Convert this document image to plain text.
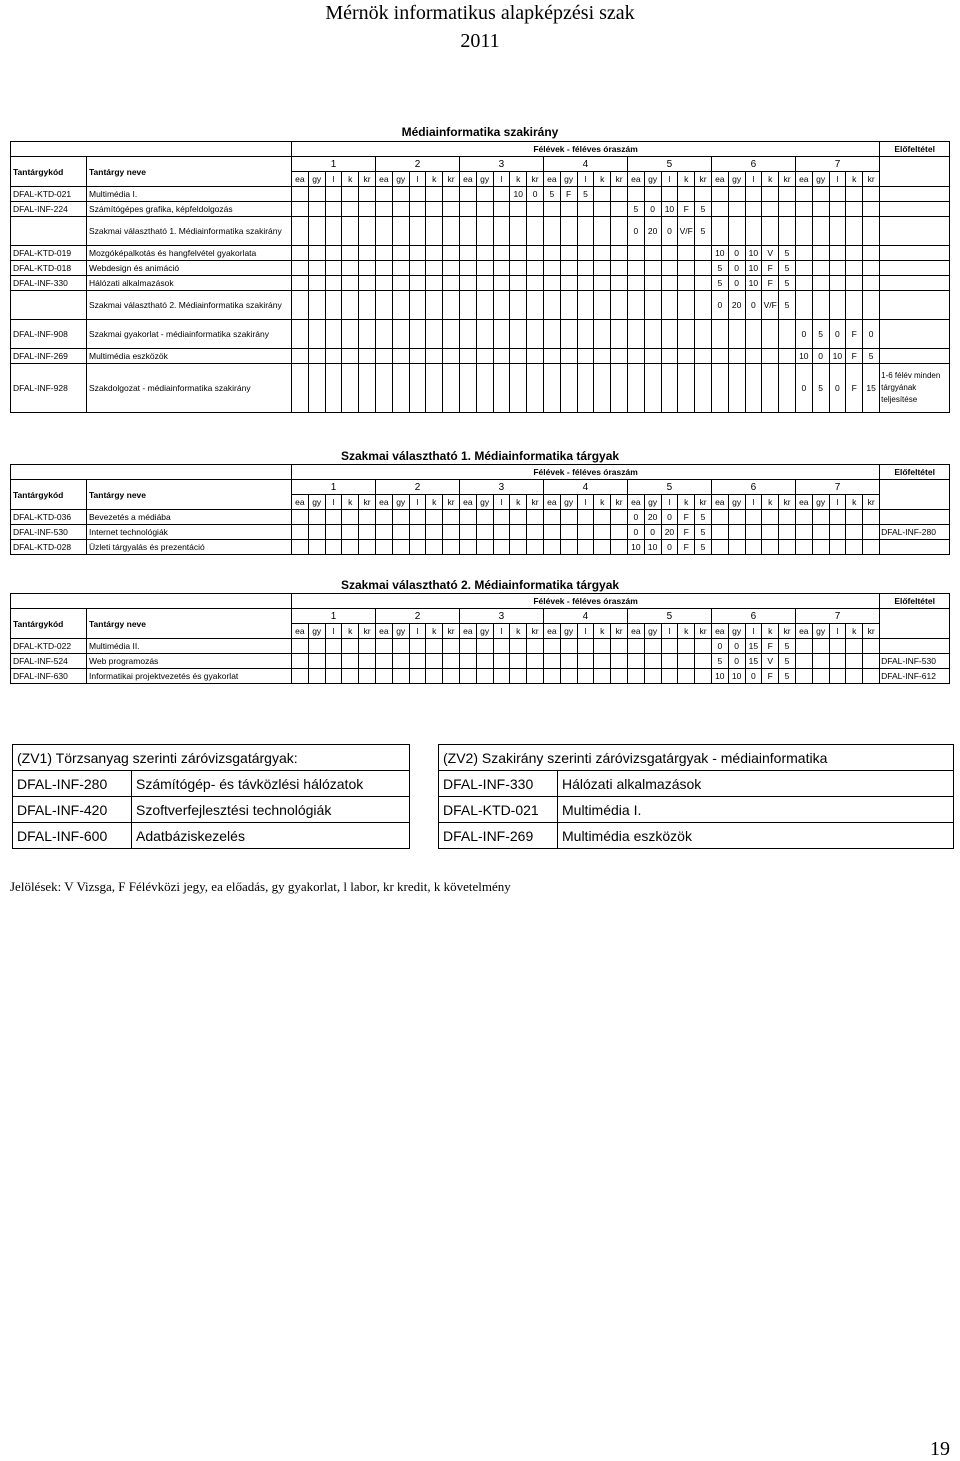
Mérnök informatikus alapképzési szak
2011
Médiainformatika szakirány
Szakmai választható 1. Médiainformatika tárgyak
Szakmai választható 2. Médiainformatika tárgyak
(ZV1) Törzsanyag szerinti záróvizsgatárgyak:	
DFAL-INF-280	Számítógép- és távközlési hálózatok
DFAL-INF-420	Szoftverfejlesztési technológiák
DFAL-INF-600	Adatbáziskezelés
(ZV2) Szakirány szerinti záróvizsgatárgyak - médiainformatika	
DFAL-INF-330	Hálózati alkalmazások
DFAL-KTD-021	Multimédia I.
DFAL-INF-269	Multimédia eszközök
Jelölések: V Vizsga, F Félévközi jegy, ea előadás, gy gyakorlat, l labor, kr kredit, k követelmény
19
		Félévek - féléves óraszám																																			Előfeltétel
Tantárgykód	Tantárgy neve	1					2					3					4					5					6					7					
		ea	gy	l	k	kr	ea	gy	l	k	kr	ea	gy	l	k	kr	ea	gy	l	k	kr	ea	gy	l	k	kr	ea	gy	l	k	kr	ea	gy	l	k	kr	
DFAL-KTD-021	Multimédia I.														10	0	5	F	5																		
DFAL-INF-224	Számítógépes grafika, képfeldolgozás																					5	0	10	F	5											
	Szakmai választható 1. Médiainformatika szakirány																					0	20	0	V/F	5											
DFAL-KTD-019	Mozgóképalkotás és hangfelvétel gyakorlata																										10	0	10	V	5						
DFAL-KTD-018	Webdesign és animáció																										5	0	10	F	5						
DFAL-INF-330	Hálózati alkalmazások																										5	0	10	F	5						
	Szakmai választható 2. Médiainformatika szakirány																										0	20	0	V/F	5						
DFAL-INF-908	Szakmai gyakorlat - médiainformatika szakirány																															0	5	0	F	0	
DFAL-INF-269	Multimédia eszközök																															10	0	10	F	5	
DFAL-INF-928	Szakdolgozat - médiainformatika szakirány																															0	5	0	F	15	1-6 félév minden tárgyának teljesítése
		Félévek - féléves óraszám																																			Előfeltétel
Tantárgykód	Tantárgy neve	1					2					3					4					5					6					7					
		ea	gy	l	k	kr	ea	gy	l	k	kr	ea	gy	l	k	kr	ea	gy	l	k	kr	ea	gy	l	k	kr	ea	gy	l	k	kr	ea	gy	l	k	kr	
DFAL-KTD-036	Bevezetés a médiába																					0	20	0	F	5											
DFAL-INF-530	Internet technológiák																					0	0	20	F	5											DFAL-INF-280
DFAL-KTD-028	Üzleti tárgyalás és prezentáció																					10	10	0	F	5											
		Félévek - féléves óraszám																																			Előfeltétel
Tantárgykód	Tantárgy neve	1					2					3					4					5					6					7					
		ea	gy	l	k	kr	ea	gy	l	k	kr	ea	gy	l	k	kr	ea	gy	l	k	kr	ea	gy	l	k	kr	ea	gy	l	k	kr	ea	gy	l	k	kr	
DFAL-KTD-022	Multimédia II.																										0	0	15	F	5						
DFAL-INF-524	Web programozás																										5	0	15	V	5						DFAL-INF-530
DFAL-INF-630	Informatikai projektvezetés és gyakorlat																										10	10	0	F	5						DFAL-INF-612
